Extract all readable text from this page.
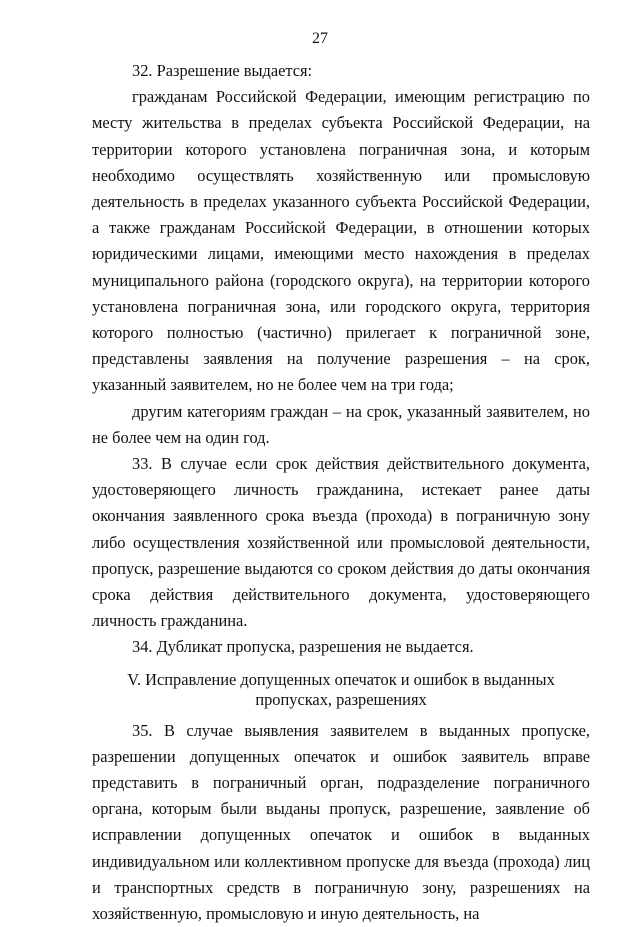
27

32. Разрешение выдается:

гражданам Российской Федерации, имеющим регистрацию по месту жительства в пределах субъекта Российской Федерации, на территории которого установлена пограничная зона, и которым необходимо осуществлять хозяйственную или промысловую деятельность в пределах указанного субъекта Российской Федерации, а также гражданам Российской Федерации, в отношении которых юридическими лицами, имеющими место нахождения в пределах муниципального района (городского округа), на территории которого установлена пограничная зона, или городского округа, территория которого полностью (частично) прилегает к пограничной зоне, представлены заявления на получение разрешения – на срок, указанный заявителем, но не более чем на три года;

другим категориям граждан – на срок, указанный заявителем, но не более чем на один год.

33. В случае если срок действия действительного документа, удостоверяющего личность гражданина, истекает ранее даты окончания заявленного срока въезда (прохода) в пограничную зону либо осуществления хозяйственной или промысловой деятельности, пропуск, разрешение выдаются со сроком действия до даты окончания срока действия действительного документа, удостоверяющего личность гражданина.

34. Дубликат пропуска, разрешения не выдается.

V. Исправление допущенных опечаток и ошибок в выданных пропусках, разрешениях

35. В случае выявления заявителем в выданных пропуске, разрешении допущенных опечаток и ошибок заявитель вправе представить в пограничный орган, подразделение пограничного органа, которым были выданы пропуск, разрешение, заявление об исправлении допущенных опечаток и ошибок в выданных индивидуальном или коллективном пропуске для въезда (прохода) лиц и транспортных средств в пограничную зону, разрешениях на хозяйственную, промысловую и иную деятельность, на
